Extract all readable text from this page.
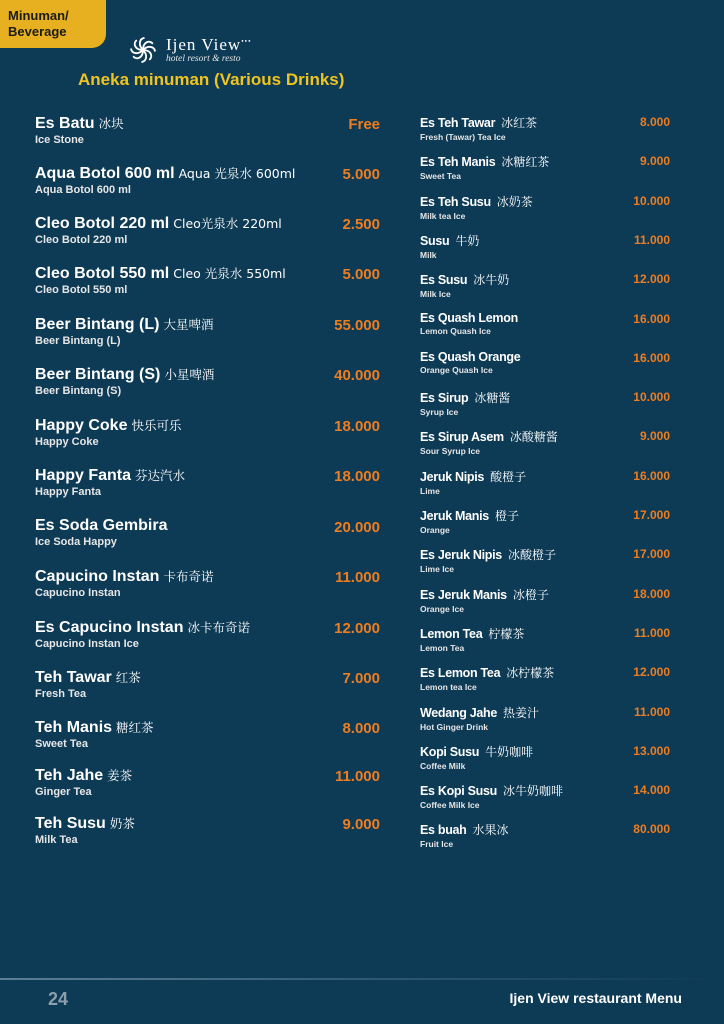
Minuman/
Beverage
Ijen View•••
hotel resort & resto
Aneka minuman (Various Drinks)
Es Batu 冰块
Ice Stone
Free
Aqua Botol 600 ml Aqua 光泉水 600ml
Aqua Botol 600 ml
5.000
Cleo Botol 220 ml Cleo光泉水 220ml
Cleo Botol 220 ml
2.500
Cleo Botol 550 ml Cleo 光泉水 550ml
Cleo Botol 550 ml
5.000
Beer Bintang (L) 大星啤酒
Beer Bintang (L)
55.000
Beer Bintang (S) 小星啤酒
Beer Bintang (S)
40.000
Happy Coke 快乐可乐
Happy Coke
18.000
Happy Fanta 芬达汽水
Happy Fanta
18.000
Es Soda Gembira
Ice Soda Happy
20.000
Capucino Instan 卡布奇诺
Capucino Instan
11.000
Es Capucino Instan 冰卡布奇诺
Capucino Instan Ice
12.000
Teh Tawar 红茶
Fresh Tea
7.000
Teh Manis 糖红茶
Sweet Tea
8.000
Teh Jahe 姜茶
Ginger Tea
11.000
Teh Susu 奶茶
Milk Tea
9.000
Es Teh Tawar 冰红茶
Fresh (Tawar) Tea Ice
8.000
Es Teh Manis 冰糖红茶
Sweet Tea
9.000
Es Teh Susu 冰奶茶
Milk tea Ice
10.000
Susu 牛奶
Milk
11.000
Es Susu 冰牛奶
Milk Ice
12.000
Es Quash Lemon
Lemon Quash Ice
16.000
Es Quash Orange
Orange Quash Ice
16.000
Es Sirup 冰糖酱
Syrup Ice
10.000
Es Sirup Asem 冰酸糖酱
Sour Syrup Ice
9.000
Jeruk Nipis 酸橙子
Lime
16.000
Jeruk Manis 橙子
Orange
17.000
Es Jeruk Nipis 冰酸橙子
Lime Ice
17.000
Es Jeruk Manis 冰橙子
Orange Ice
18.000
Lemon Tea 柠檬茶
Lemon Tea
11.000
Es Lemon Tea 冰柠檬茶
Lemon tea Ice
12.000
Wedang Jahe 热姜汁
Hot Ginger Drink
11.000
Kopi Susu 牛奶咖啡
Coffee Milk
13.000
Es Kopi Susu 冰牛奶咖啡
Coffee Milk Ice
14.000
Es buah 水果冰
Fruit Ice
80.000
24	Ijen View restaurant Menu
